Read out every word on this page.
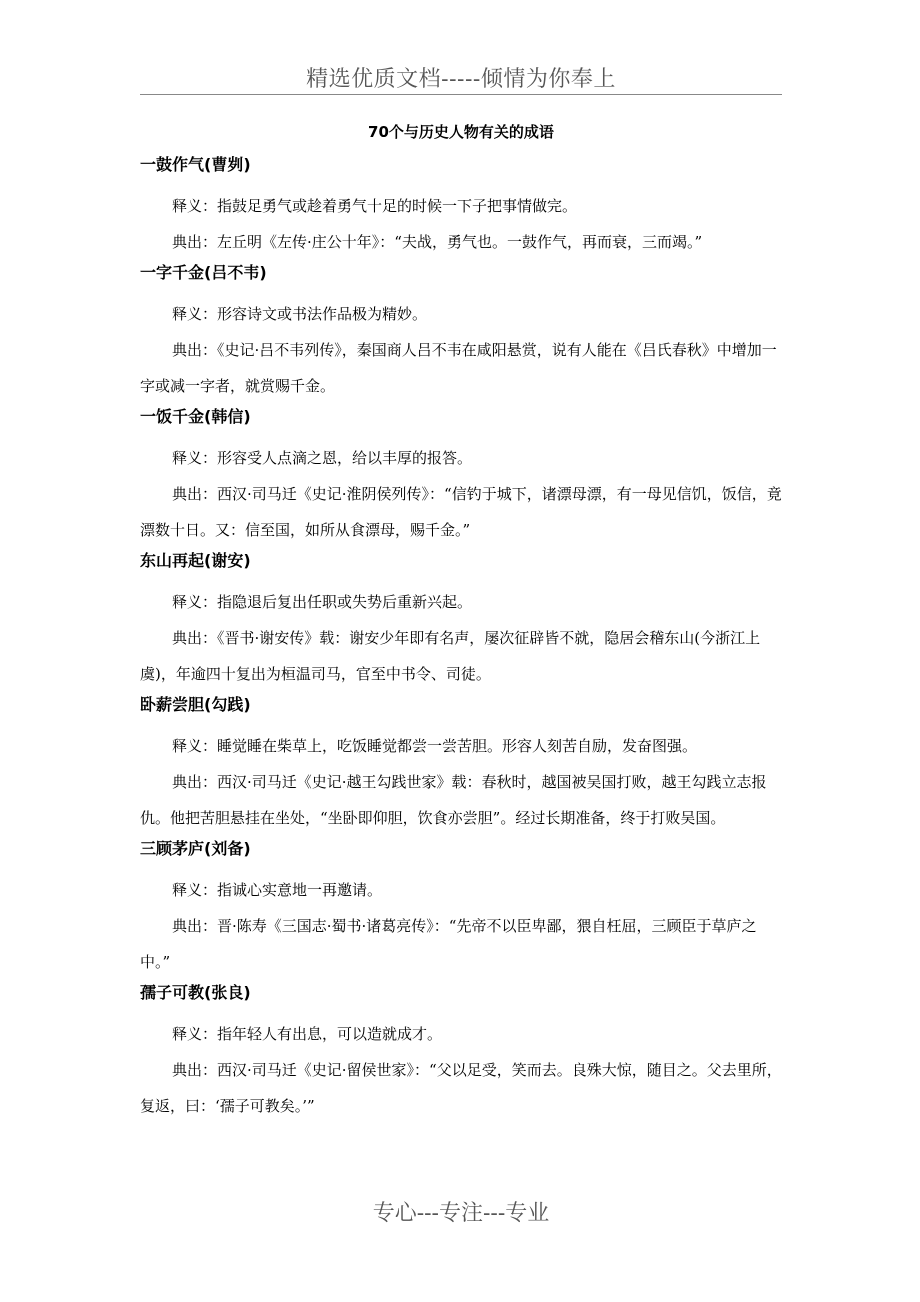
精选优质文档-----倾情为你奉上
70个与历史人物有关的成语
一鼓作气(曹刿)

释义：指鼓足勇气或趁着勇气十足的时候一下子把事情做完。

典出：左丘明《左传·庄公十年》：“夫战，勇气也。一鼓作气，再而衰，三而竭。”

一字千金(吕不韦)

释义：形容诗文或书法作品极为精妙。

典出：《史记·吕不韦列传》，秦国商人吕不韦在咸阳悬赏，说有人能在《吕氏春秋》中增加一字或减一字者，就赏赐千金。

一饭千金(韩信)

释义：形容受人点滴之恩，给以丰厚的报答。

典出：西汉·司马迁《史记·淮阴侯列传》：“信钓于城下，诸漂母漂，有一母见信饥，饭信，竟漂数十日。又：信至国，如所从食漂母，赐千金。”

东山再起(谢安)

释义：指隐退后复出任职或失势后重新兴起。

典出：《晋书·谢安传》载：谢安少年即有名声，屡次征辟皆不就，隐居会稽东山(今浙江上虞)，年逾四十复出为桓温司马，官至中书令、司徒。

卧薪尝胆(勾践)

释义：睡觉睡在柴草上，吃饭睡觉都尝一尝苦胆。形容人刻苦自励，发奋图强。

典出：西汉·司马迁《史记·越王勾践世家》载：春秋时，越国被吴国打败，越王勾践立志报仇。他把苦胆悬挂在坐处，“坐卧即仰胆，饮食亦尝胆”。经过长期准备，终于打败吴国。

三顾茅庐(刘备)

释义：指诚心实意地一再邀请。

典出：晋·陈寿《三国志·蜀书·诸葛亮传》：“先帝不以臣卑鄙，猥自枉屈，三顾臣于草庐之中。”

孺子可教(张良)

释义：指年轻人有出息，可以造就成才。

典出：西汉·司马迁《史记·留侯世家》：“父以足受，笑而去。良殊大惊，随目之。父去里所，复返，曰：‘孺子可教矣。’”

专心---专注---专业
